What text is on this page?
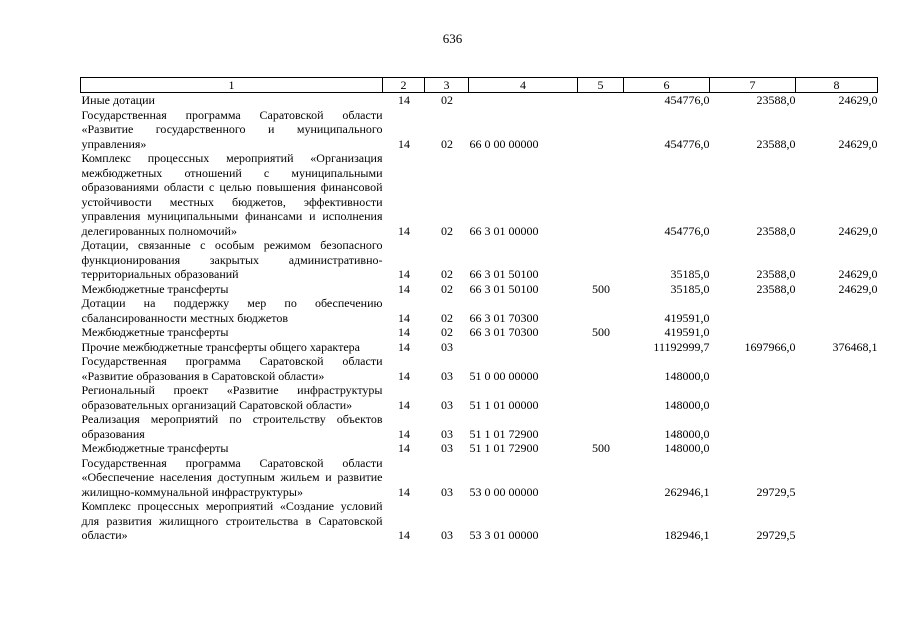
636
1	2	3	4	5	6	7	8
Иные дотации	14	02			454776,0	23588,0	24629,0
Государственная программа Саратовской области «Развитие государственного и муниципального управления»	14	02	66 0 00 00000		454776,0	23588,0	24629,0
Комплекс процессных мероприятий «Организация межбюджетных отношений с муниципальными образованиями области с целью повышения финансовой устойчивости местных бюджетов, эффективности управления муниципальными финансами и исполнения делегированных полномочий»	14	02	66 3 01 00000		454776,0	23588,0	24629,0
Дотации, связанные с особым режимом безопасного функционирования закрытых административно-территориальных образований	14	02	66 3 01 50100		35185,0	23588,0	24629,0
Межбюджетные трансферты	14	02	66 3 01 50100	500	35185,0	23588,0	24629,0
Дотации на поддержку мер по обеспечению сбалансированности местных бюджетов	14	02	66 3 01 70300		419591,0		
Межбюджетные трансферты	14	02	66 3 01 70300	500	419591,0		
Прочие межбюджетные трансферты общего характера	14	03			11192999,7	1697966,0	376468,1
Государственная программа Саратовской области «Развитие образования в Саратовской области»	14	03	51 0 00 00000		148000,0		
Региональный проект «Развитие инфраструктуры образовательных организаций Саратовской области»	14	03	51 1 01 00000		148000,0		
Реализация мероприятий по строительству объектов образования	14	03	51 1 01 72900		148000,0		
Межбюджетные трансферты	14	03	51 1 01 72900	500	148000,0		
Государственная программа Саратовской области «Обеспечение населения доступным жильем и развитие жилищно-коммунальной инфраструктуры»	14	03	53 0 00 00000		262946,1	29729,5	
Комплекс процессных мероприятий «Создание условий для развития жилищного строительства в Саратовской области»	14	03	53 3 01 00000		182946,1	29729,5	
